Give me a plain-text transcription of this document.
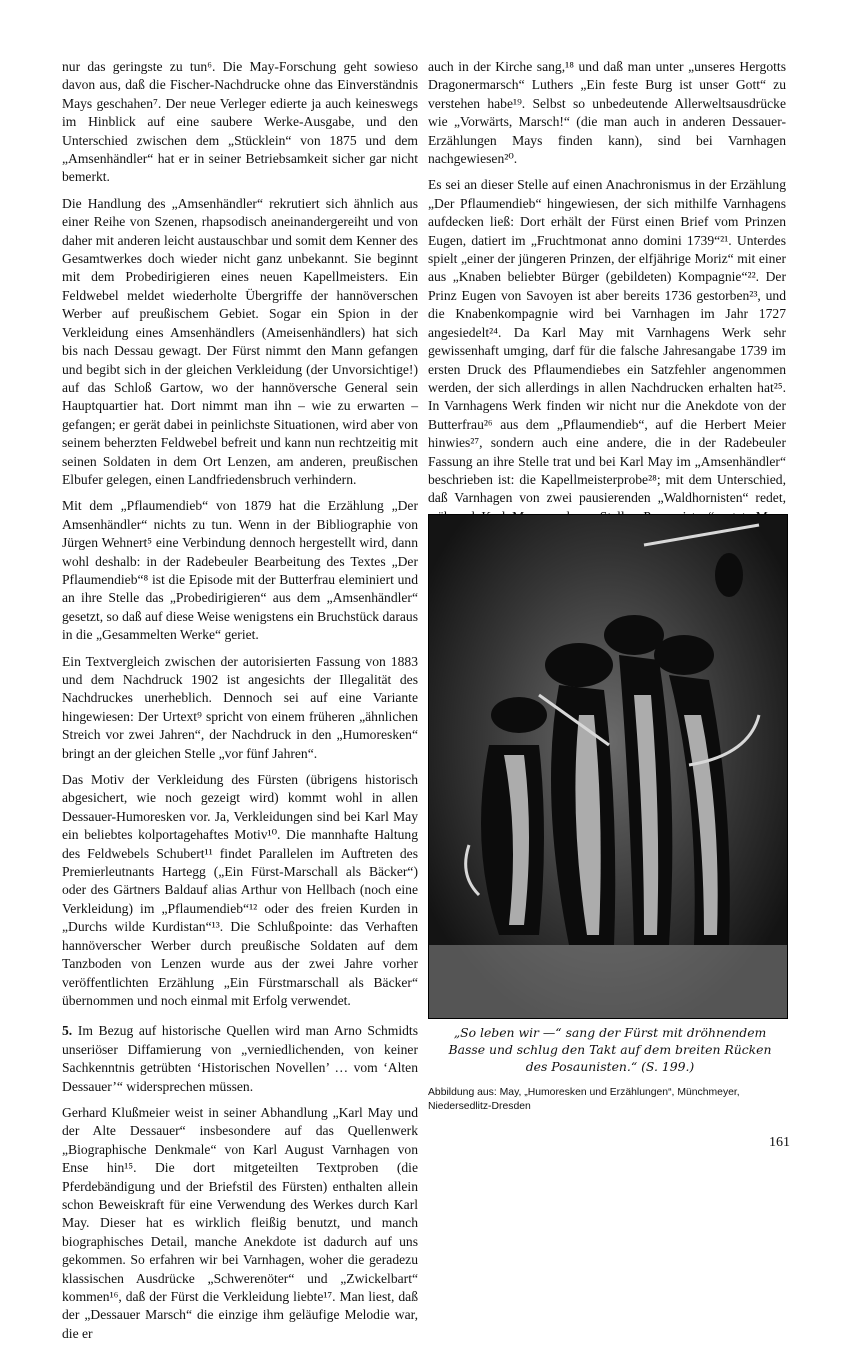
nur das geringste zu tun⁶. Die May-Forschung geht sowieso davon aus, daß die Fischer-Nachdrucke ohne das Einverständnis Mays geschahen⁷. Der neue Verleger edierte ja auch keineswegs im Hinblick auf eine saubere Werke-Ausgabe, und den Unterschied zwischen dem „Stücklein“ von 1875 und dem „Amsenhändler“ hat er in seiner Betriebsamkeit sicher gar nicht bemerkt.

Die Handlung des „Amsenhändler“ rekrutiert sich ähnlich aus einer Reihe von Szenen, rhapsodisch aneinandergereiht und von daher mit anderen leicht austauschbar und somit dem Kenner des Gesamtwerkes doch wieder nicht ganz unbekannt. Sie beginnt mit dem Probedirigieren eines neuen Kapellmeisters. Ein Feldwebel meldet wiederholte Übergriffe der hannöverschen Werber auf preußischem Gebiet. Sogar ein Spion in der Verkleidung eines Amsenhändlers (Ameisenhändlers) hat sich bis nach Dessau gewagt. Der Fürst nimmt den Mann gefangen und begibt sich in der gleichen Verkleidung (der Unvorsichtige!) auf das Schloß Gartow, wo der hannöversche General sein Hauptquartier hat. Dort nimmt man ihn – wie zu erwarten – gefangen; er gerät dabei in peinlichste Situationen, wird aber von seinem beherzten Feldwebel befreit und kann nun rechtzeitig mit seinen Soldaten in dem Ort Lenzen, am anderen, preußischen Elbufer gelegen, einen Landfriedensbruch verhindern.

Mit dem „Pflaumendieb“ von 1879 hat die Erzählung „Der Amsenhändler“ nichts zu tun. Wenn in der Bibliographie von Jürgen Wehnert⁵ eine Verbindung dennoch hergestellt wird, dann wohl deshalb: in der Radebeuler Bearbeitung des Textes „Der Pflaumendieb“⁸ ist die Episode mit der Butterfrau eleminiert und an ihre Stelle das „Probedirigieren“ aus dem „Amsenhändler“ gesetzt, so daß auf diese Weise wenigstens ein Bruchstück daraus in die „Gesammelten Werke“ geriet.

Ein Textvergleich zwischen der autorisierten Fassung von 1883 und dem Nachdruck 1902 ist angesichts der Illegalität des Nachdruckes unerheblich. Dennoch sei auf eine Variante hingewiesen: Der Urtext⁹ spricht von einem früheren „ähnlichen Streich vor zwei Jahren“, der Nachdruck in den „Humoresken“ bringt an der gleichen Stelle „vor fünf Jahren“.

Das Motiv der Verkleidung des Fürsten (übrigens historisch abgesichert, wie noch gezeigt wird) kommt wohl in allen Dessauer-Humoresken vor. Ja, Verkleidungen sind bei Karl May ein beliebtes kolportagehaftes Motiv¹⁰. Die mannhafte Haltung des Feldwebels Schubert¹¹ findet Parallelen im Auftreten des Premierleutnants Hartegg („Ein Fürst-Marschall als Bäcker“) oder des Gärtners Baldauf alias Arthur von Hellbach (noch eine Verkleidung) im „Pflaumendieb“¹² oder des freien Kurden in „Durchs wilde Kurdistan“¹³. Die Schlußpointe: das Verhaften hannöverscher Werber durch preußische Soldaten auf dem Tanzboden von Lenzen wurde aus der zwei Jahre vorher veröffentlichten Erzählung „Ein Fürstmarschall als Bäcker“ übernommen und noch einmal mit Erfolg verwendet.

5. Im Bezug auf historische Quellen wird man Arno Schmidts unseriöser Diffamierung von „verniedlichenden, von keiner Sachkenntnis getrübten ‘Historischen Novellen’ … vom ‘Alten Dessauer’“ widersprechen müssen.

Gerhard Klußmeier weist in seiner Abhandlung „Karl May und der Alte Dessauer“ insbesondere auf das Quellenwerk „Biographische Denkmale“ von Karl August Varnhagen von Ense hin¹⁵. Die dort mitgeteilten Textproben (die Pferdebändigung und der Briefstil des Fürsten) enthalten allein schon Beweiskraft für eine Verwendung des Werkes durch Karl May. Dieser hat es wirklich fleißig benutzt, und manch biographisches Detail, manche Anekdote ist dadurch auf uns gekommen. So erfahren wir bei Varnhagen, woher die geradezu klassischen Ausdrücke „Schwerenöter“ und „Zwickelbart“ kommen¹⁶, daß der Fürst die Verkleidung liebte¹⁷. Man liest, daß der „Dessauer Marsch“ die einzige ihm geläufige Melodie war, die er

auch in der Kirche sang,¹⁸ und daß man unter „unseres Hergotts Dragonermarsch“ Luthers „Ein feste Burg ist unser Gott“ zu verstehen habe¹⁹. Selbst so unbedeutende Allerweltsausdrücke wie „Vorwärts, Marsch!“ (die man auch in anderen Dessauer-Erzählungen Mays finden kann), sind bei Varnhagen nachgewiesen²⁰.

Es sei an dieser Stelle auf einen Anachronismus in der Erzählung „Der Pflaumendieb“ hingewiesen, der sich mithilfe Varnhagens aufdecken ließ: Dort erhält der Fürst einen Brief vom Prinzen Eugen, datiert im „Fruchtmonat anno domini 1739“²¹. Unterdes spielt „einer der jüngeren Prinzen, der elfjährige Moriz“ mit einer aus „Knaben beliebter Bürger (gebildeten) Kompagnie“²². Der Prinz Eugen von Savoyen ist aber bereits 1736 gestorben²³, und die Knabenkompagnie wird bei Varnhagen im Jahr 1727 angesiedelt²⁴. Da Karl May mit Varnhagens Werk sehr gewissenhaft umging, darf für die falsche Jahresangabe 1739 im ersten Druck des Pflaumendiebes ein Satzfehler angenommen werden, der sich allerdings in allen Nachdrucken erhalten hat²⁵. In Varnhagens Werk finden wir nicht nur die Anekdote von der Butterfrau²⁶ aus dem „Pflaumendieb“, auf die Herbert Meier hinwies²⁷, sondern auch eine andere, die in der Radebeuler Fassung an ihre Stelle trat und bei Karl May im „Amsenhändler“ beschrieben ist: die Kapellmeisterprobe²⁸; mit dem Unterschied, daß Varnhagen von zwei pausierenden „Waldhornisten“ redet,

„So leben wir —“ sang der Fürst mit dröhnendem Basse und schlug den Takt auf dem breiten Rücken des Posaunisten.“ (S. 199.)
Abbildung aus: May, „Humoresken und Erzählungen“, Münchmeyer, Niedersedlitz-Dresden
161
